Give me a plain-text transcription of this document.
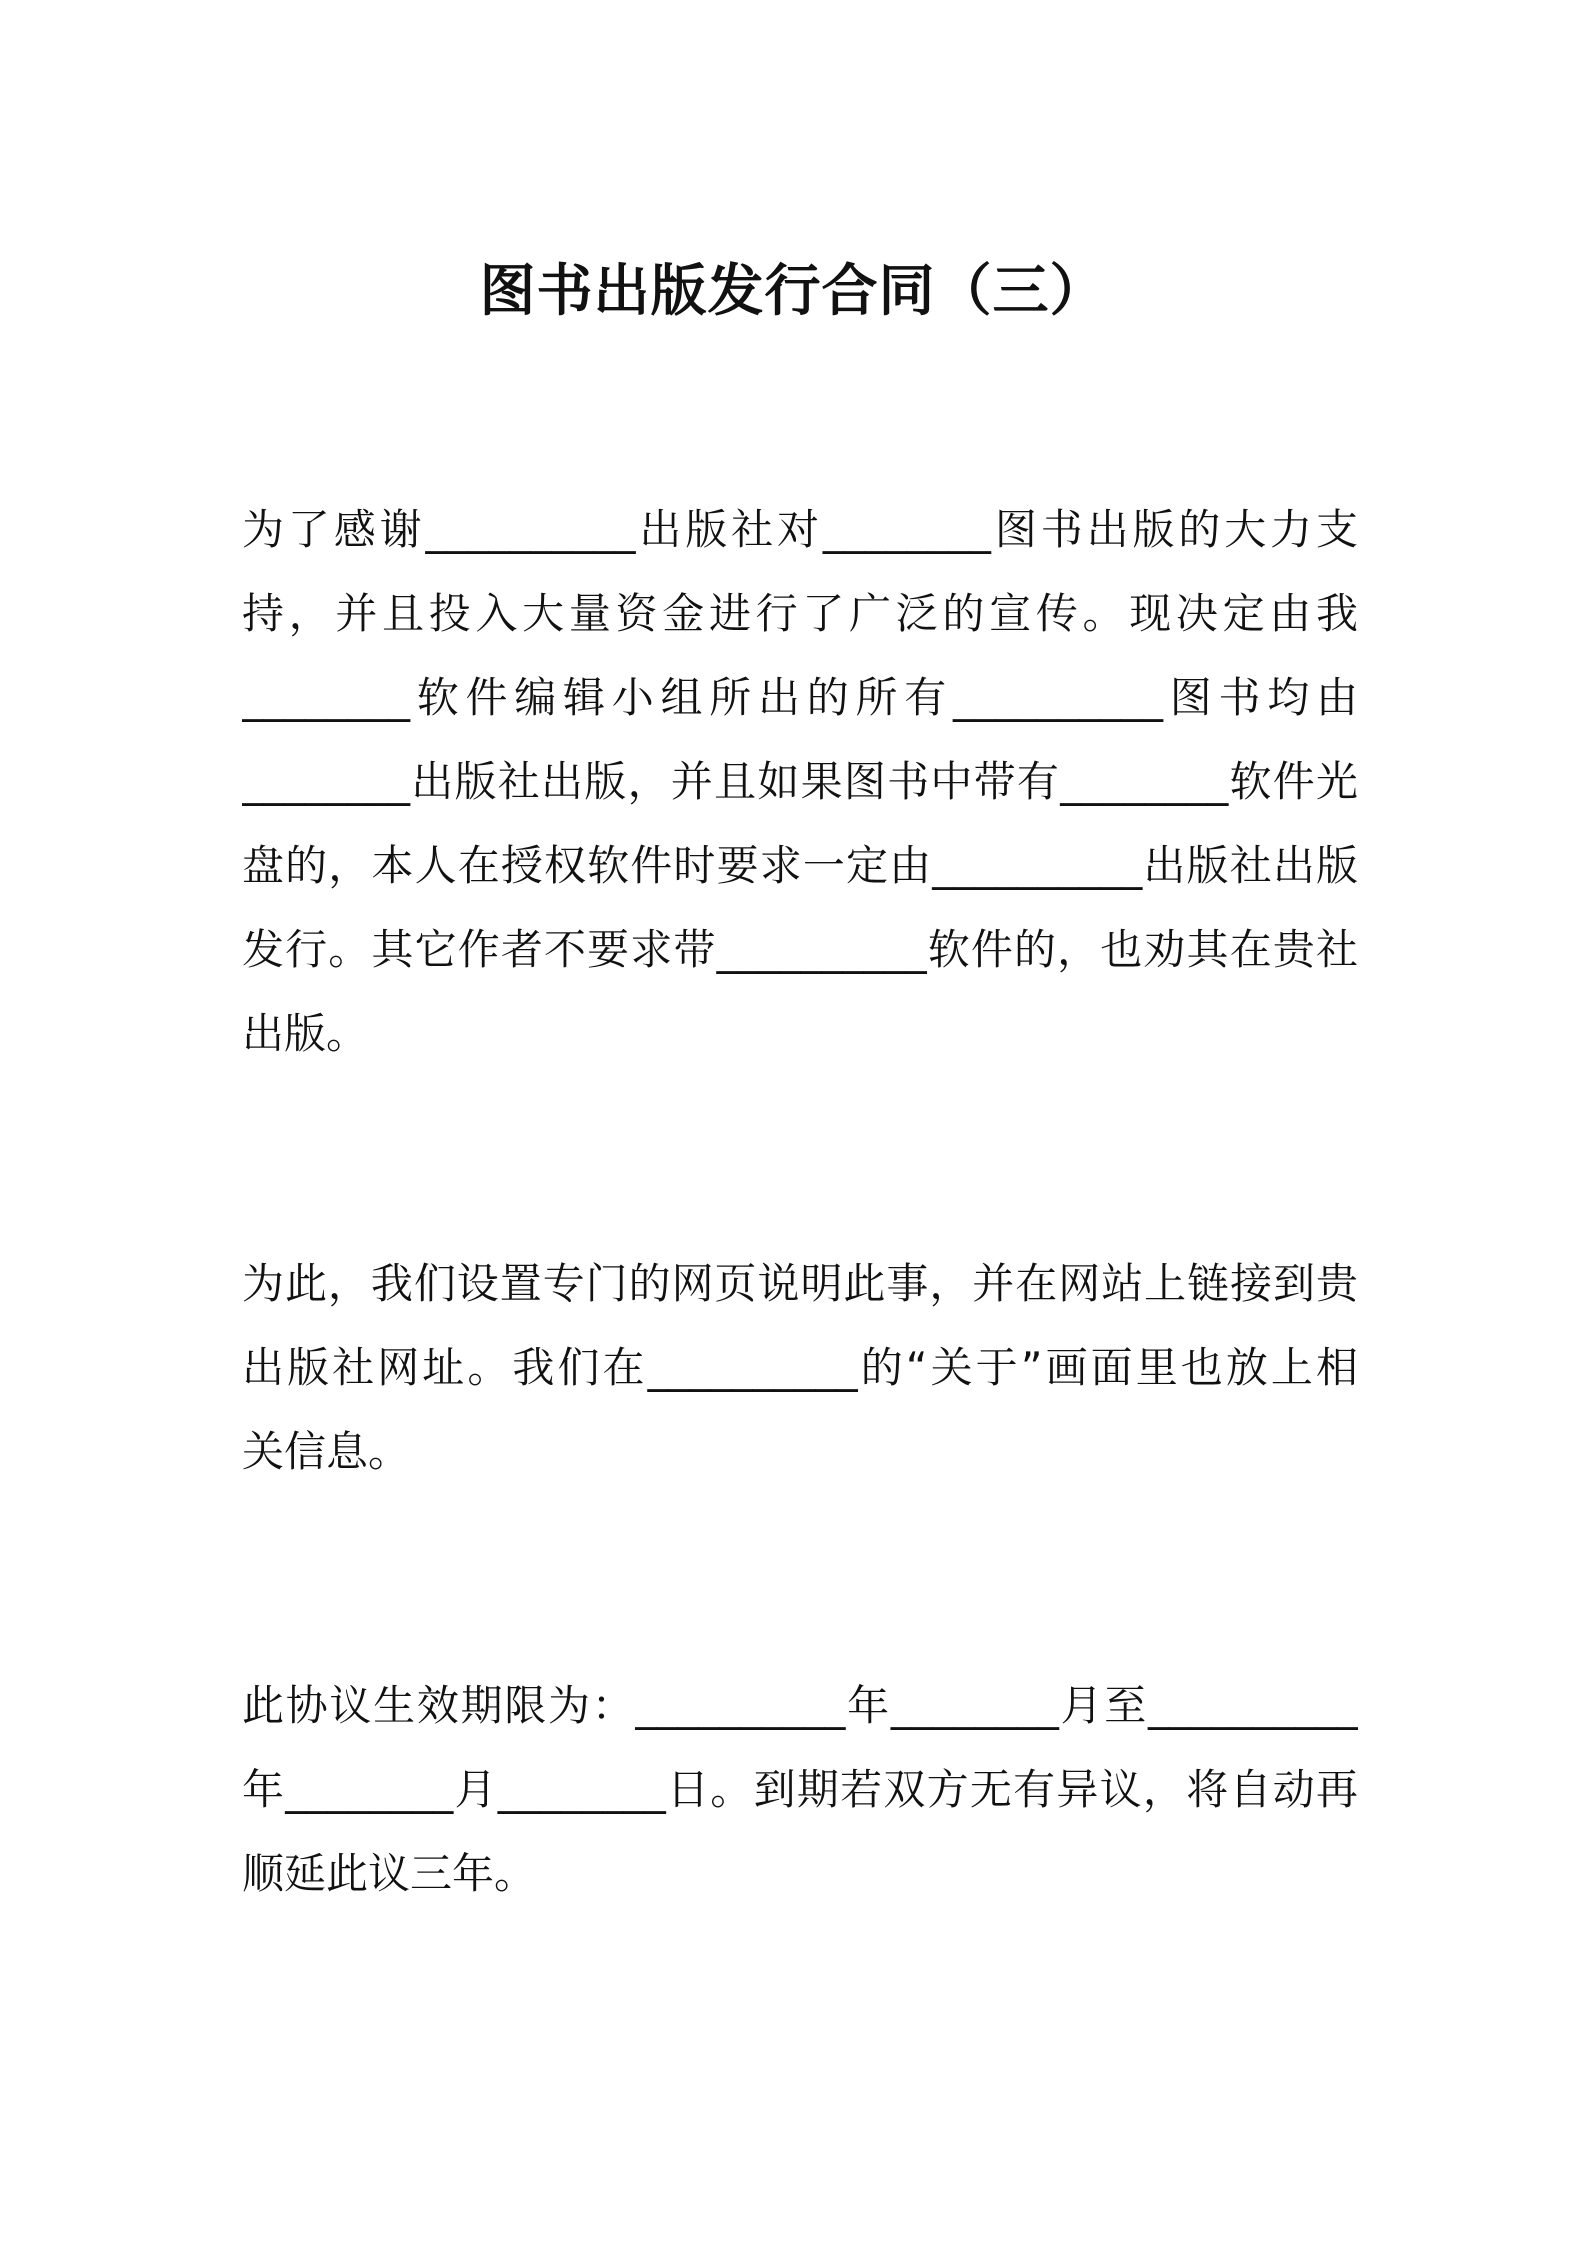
图书出版发行合同（三）
为了感谢__________出版社对________图书出版的大力支
持，并且投入大量资金进行了广泛的宣传。现决定由我
________软件编辑小组所出的所有__________图书均由
________出版社出版，并且如果图书中带有________软件光
盘的，本人在授权软件时要求一定由__________出版社出版
发行。其它作者不要求带__________软件的，也劝其在贵社
出版。
为此，我们设置专门的网页说明此事，并在网站上链接到贵
出版社网址。我们在__________的“关于”画面里也放上相
关信息。
此协议生效期限为：__________年________月至__________
年________月________日。到期若双方无有异议，将自动再
顺延此议三年。
